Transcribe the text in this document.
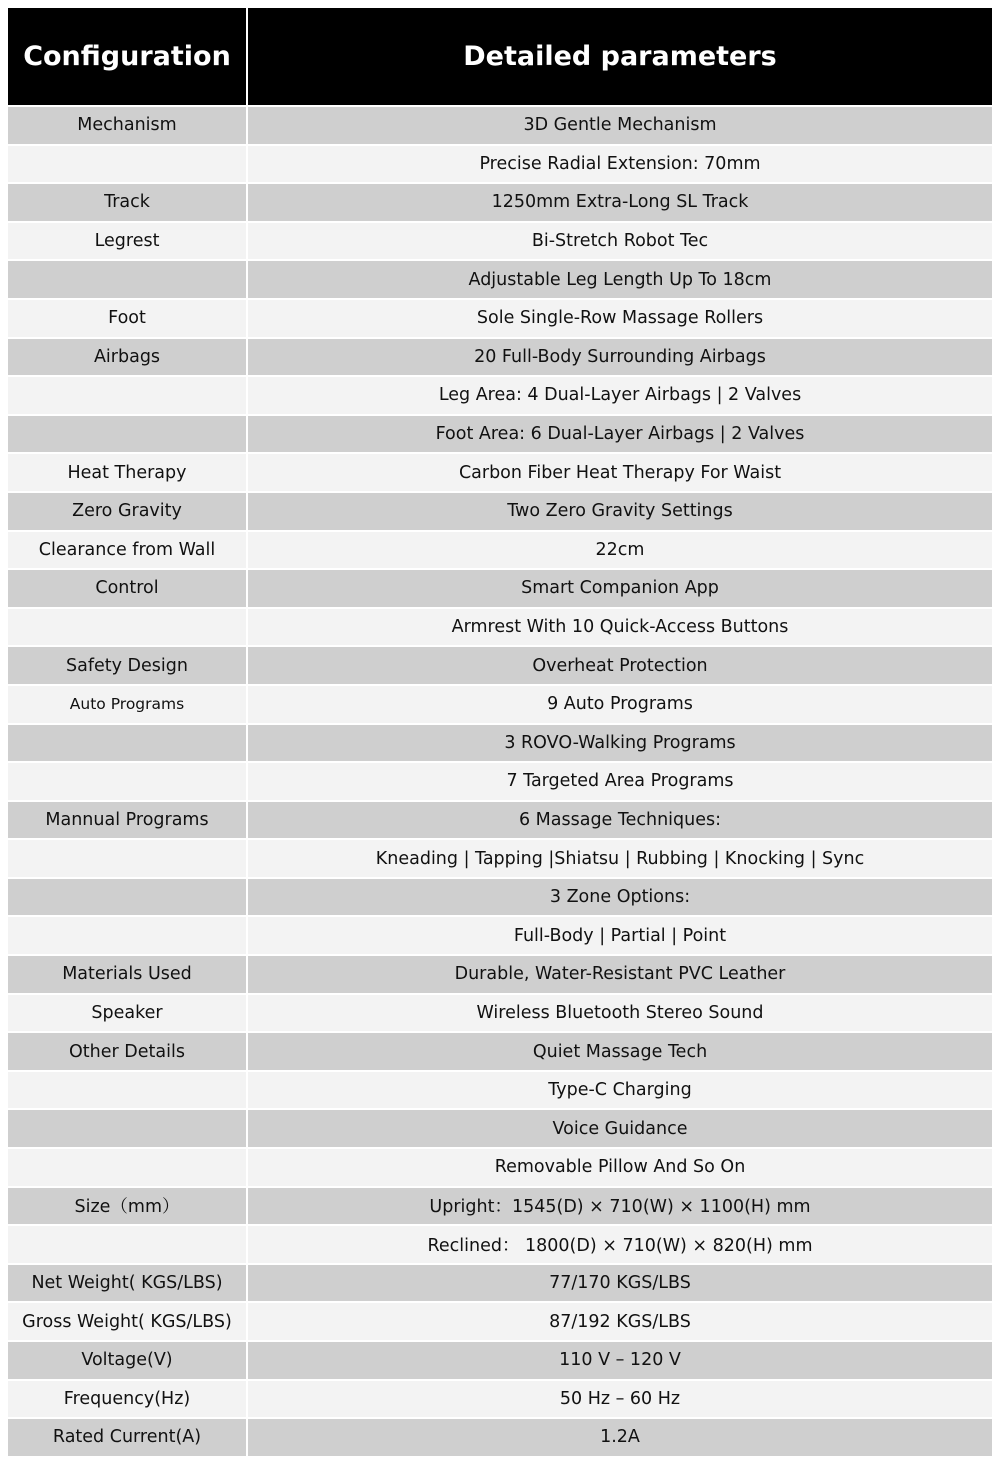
Configuration	Detailed parameters
Mechanism	3D Gentle Mechanism
	Precise Radial Extension: 70mm
Track	1250mm Extra-Long SL Track
Legrest	Bi-Stretch Robot Tec
	Adjustable Leg Length Up To 18cm
Foot	Sole Single-Row Massage Rollers
Airbags	20 Full-Body Surrounding Airbags
	Leg Area: 4 Dual-Layer Airbags | 2 Valves
	Foot Area: 6 Dual-Layer Airbags | 2 Valves
Heat Therapy	Carbon Fiber Heat Therapy For Waist
Zero Gravity	Two Zero Gravity Settings
Clearance from Wall	22cm
Control	Smart Companion App
	Armrest With 10 Quick-Access Buttons
Safety Design	Overheat Protection
Auto Programs	9 Auto Programs
	3 ROVO-Walking Programs
	7 Targeted Area Programs
Mannual Programs	6 Massage Techniques:
	Kneading | Tapping |Shiatsu | Rubbing | Knocking | Sync
	3 Zone Options:
	Full-Body | Partial | Point
Materials Used	Durable, Water-Resistant PVC Leather
Speaker	Wireless Bluetooth Stereo Sound
Other Details	Quiet Massage Tech
	Type-C Charging
	Voice Guidance
	Removable Pillow And So On
Size（mm）	Upright：1545(D) × 710(W) × 1100(H) mm
	Reclined： 1800(D) × 710(W) × 820(H) mm
Net Weight( KGS/LBS)	77/170 KGS/LBS
Gross Weight( KGS/LBS)	87/192 KGS/LBS
Voltage(V)	110 V – 120 V
Frequency(Hz)	50 Hz – 60 Hz
Rated Current(A)	1.2A
